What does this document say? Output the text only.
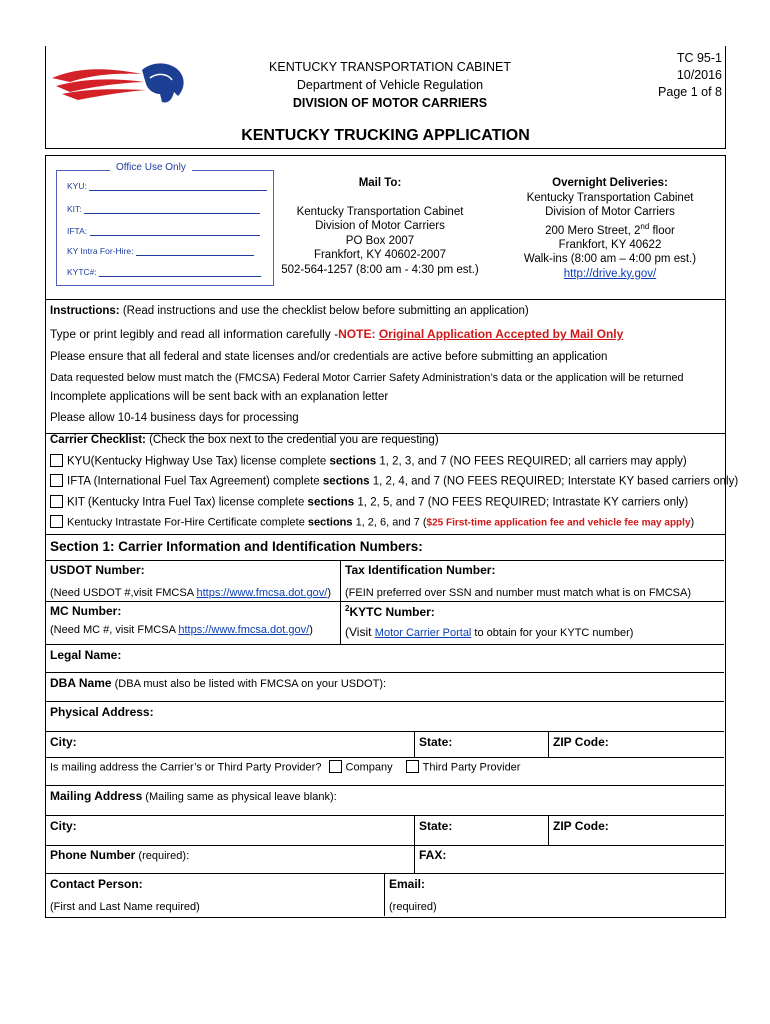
KENTUCKY TRANSPORTATION CABINET
Department of Vehicle Regulation
DIVISION OF MOTOR CARRIERS
TC 95-1
10/2016
Page 1 of 8
KENTUCKY TRUCKING APPLICATION
KYU:
KIT:
IFTA:
KY Intra For-Hire:
KYTC#:
Office Use Only
Mail To:
Kentucky Transportation Cabinet
Division of Motor Carriers
PO Box 2007
Frankfort, KY 40602-2007
502-564-1257 (8:00 am - 4:30 pm est.)
Overnight Deliveries:
Kentucky Transportation Cabinet
Division of Motor Carriers
200 Mero Street, 2nd floor
Frankfort, KY 40622
Walk-ins (8:00 am – 4:00 pm est.)
http://drive.ky.gov/
Instructions: (Read instructions and use the checklist below before submitting an application)
Type or print legibly and read all information carefully -NOTE: Original Application Accepted by Mail Only
Please ensure that all federal and state licenses and/or credentials are active before submitting an application
Data requested below must match the (FMCSA) Federal Motor Carrier Safety Administration’s data or the application will be returned
Incomplete applications will be sent back with an explanation letter
Please allow 10-14 business days for processing
Carrier Checklist: (Check the box next to the credential you are requesting)
KYU(Kentucky Highway Use Tax) license complete sections 1, 2, 3, and 7 (NO FEES REQUIRED; all carriers may apply)
IFTA (International Fuel Tax Agreement) complete sections 1, 2, 4, and 7 (NO FEES REQUIRED; Interstate KY based carriers only)
KIT (Kentucky Intra Fuel Tax) license complete sections 1, 2, 5, and 7 (NO FEES REQUIRED; Intrastate KY carriers only)
Kentucky Intrastate For-Hire Certificate complete sections 1, 2, 6, and 7 ($25 First-time application fee and vehicle fee may apply)
Section 1: Carrier Information and Identification Numbers:
USDOT Number:	Tax Identification Number:
(Need USDOT #,visit FMCSA https://www.fmcsa.dot.gov/) (FEIN preferred over SSN and number must match what is on FMCSA)
MC Number:	$^2$KYTC Number:
(Need MC #, visit FMCSA https://www.fmcsa.dot.gov/)	(Visit Motor Carrier Portal to obtain for your KYTC number)
Legal Name:
DBA Name (DBA must also be listed with FMCSA on your USDOT):
Physical Address:
City:	State:	ZIP Code:
Is mailing address the Carrier’s or Third Party Provider? Company	Third Party Provider
Mailing Address (Mailing same as physical leave blank):
City:	State:	ZIP Code:
Phone Number (required):	FAX:
Contact Person:	Email:
(First and Last Name required)	(required)
